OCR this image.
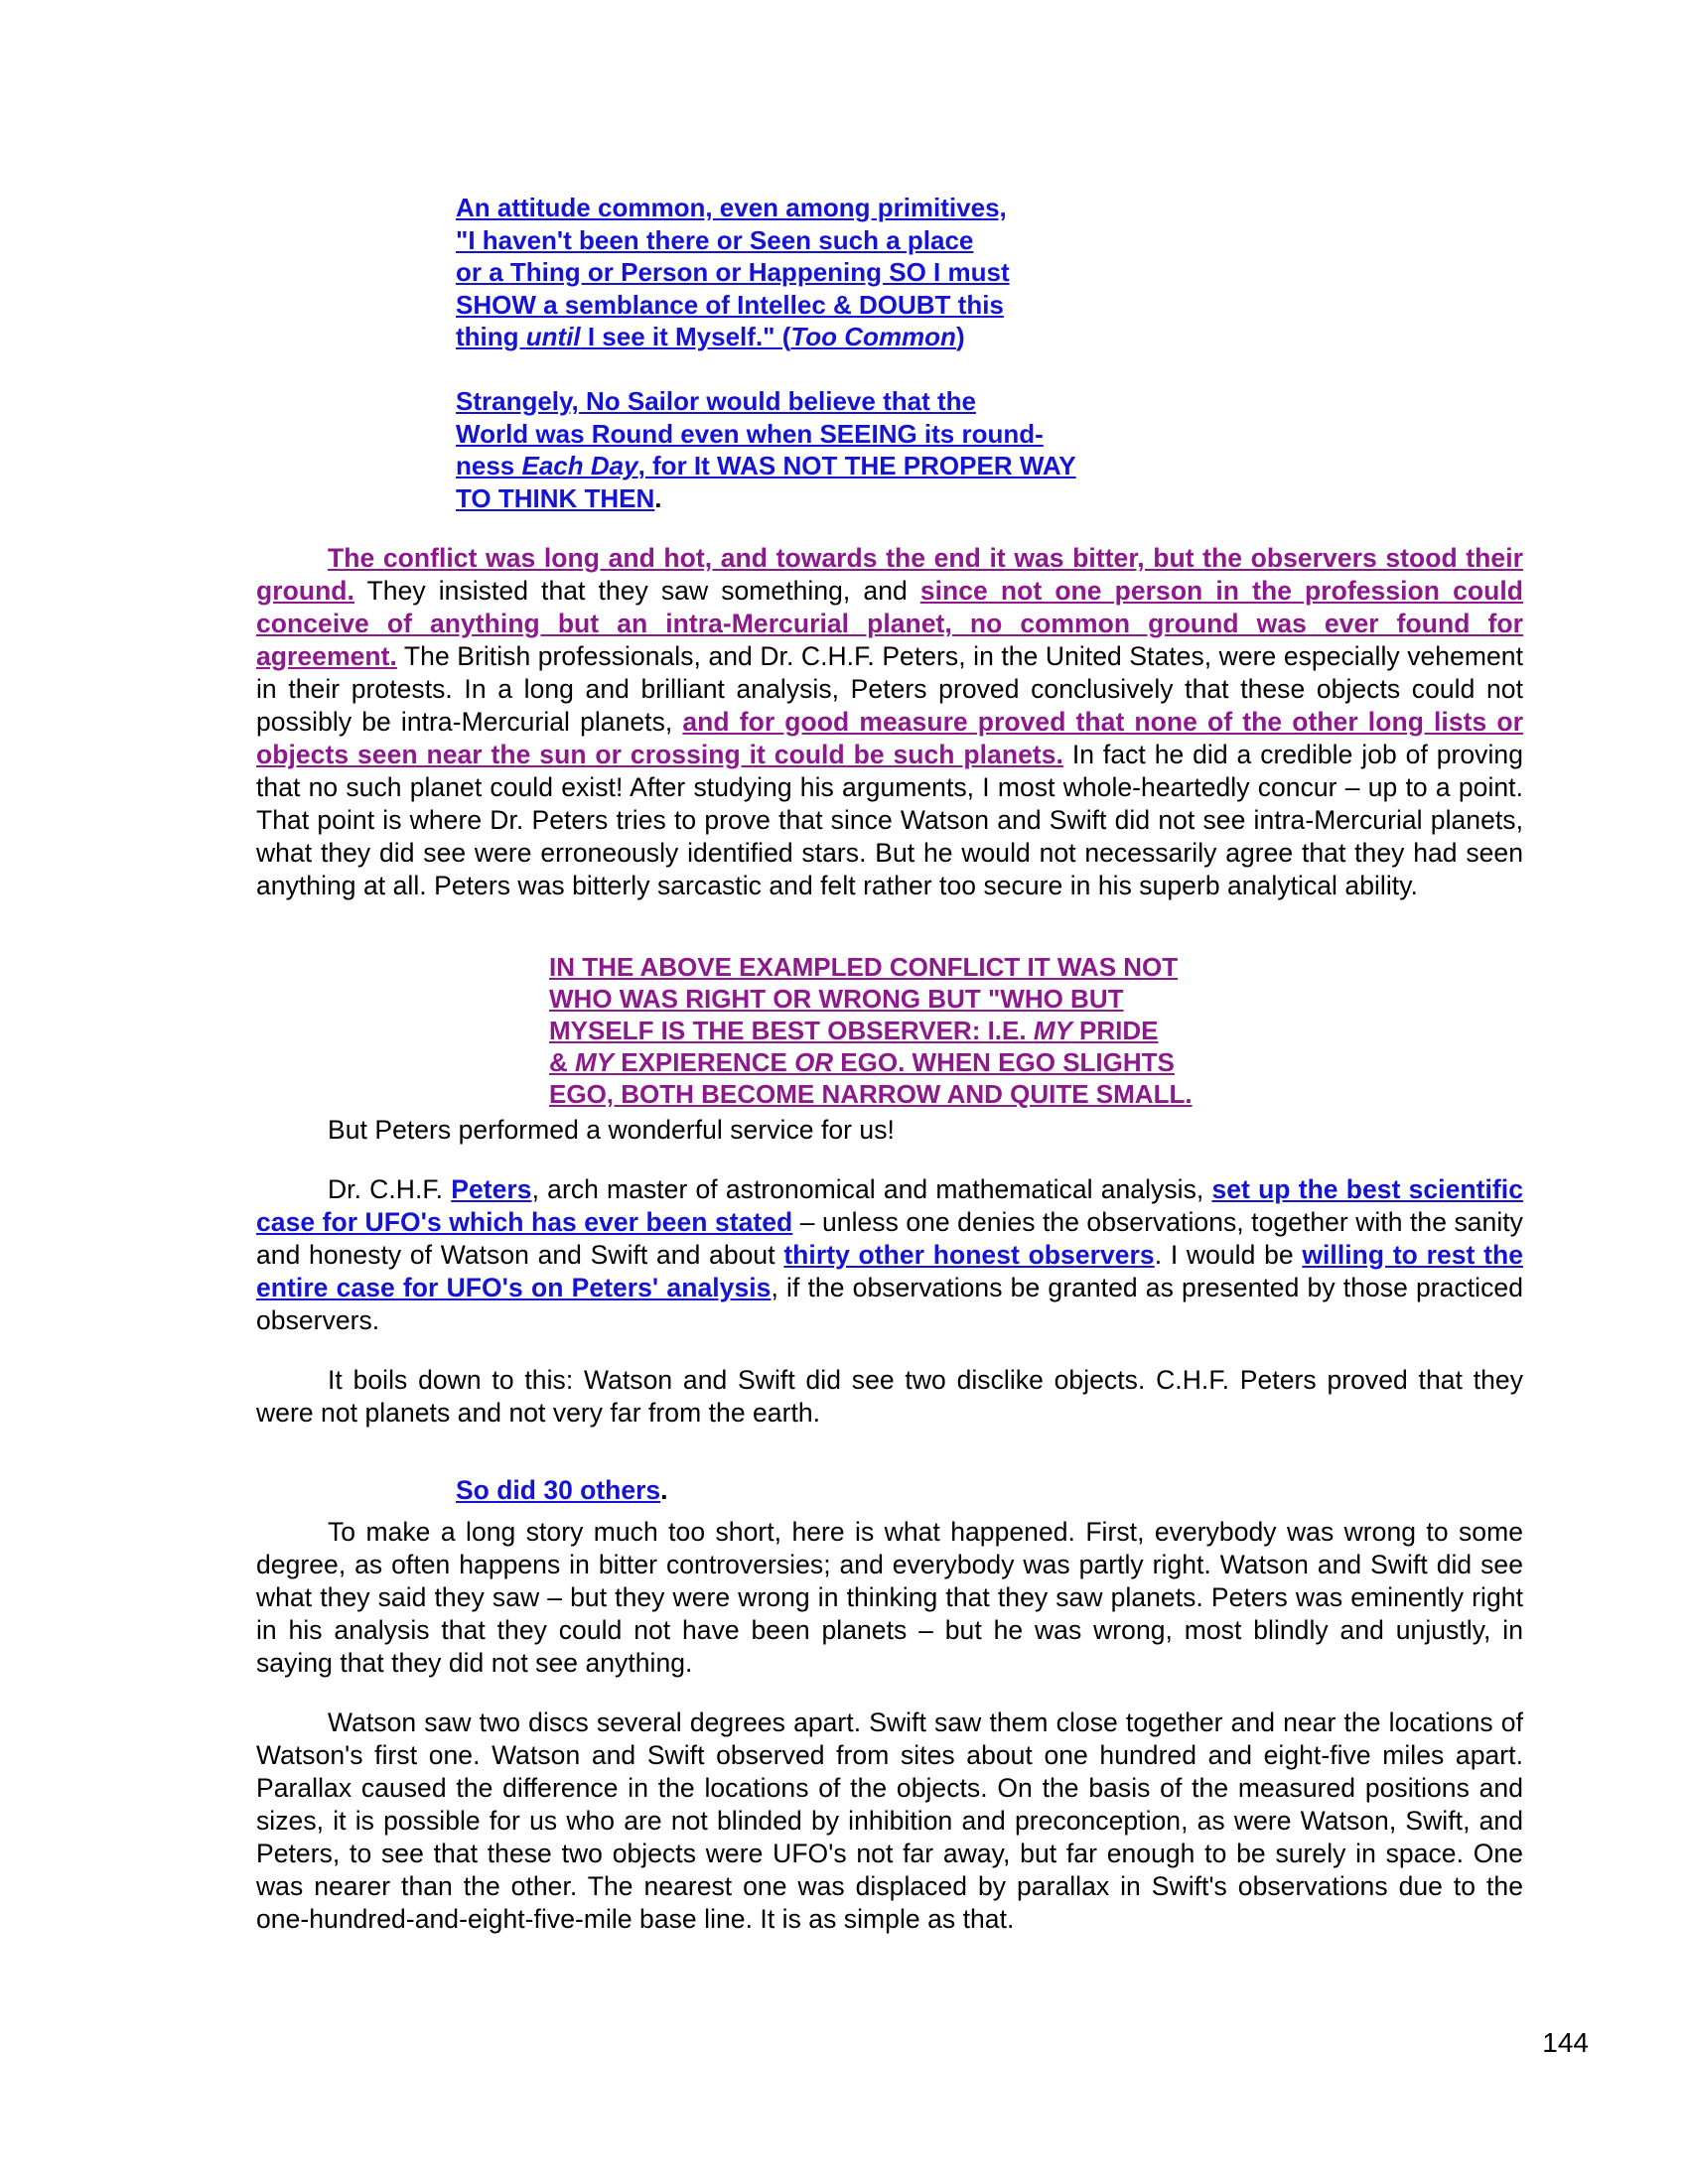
An attitude common, even among primitives,
"I haven't been there or Seen such a place
or a Thing or Person or Happening SO I must
SHOW a semblance of Intellec & DOUBT this
thing until I see it Myself." (Too Common)
Strangely, No Sailor would believe that the
World was Round even when SEEING its round-
ness Each Day, for It WAS NOT THE PROPER WAY
TO THINK THEN.

The conflict was long and hot, and towards the end it was bitter, but the observers stood their ground. They insisted that they saw something, and since not one person in the profession could conceive of anything but an intra-Mercurial planet, no common ground was ever found for agreement. The British professionals, and Dr. C.H.F. Peters, in the United States, were especially vehement in their protests. In a long and brilliant analysis, Peters proved conclusively that these objects could not possibly be intra-Mercurial planets, and for good measure proved that none of the other long lists or objects seen near the sun or crossing it could be such planets. In fact he did a credible job of proving that no such planet could exist! After studying his arguments, I most whole-heartedly concur – up to a point. That point is where Dr. Peters tries to prove that since Watson and Swift did not see intra-Mercurial planets, what they did see were erroneously identified stars. But he would not necessarily agree that they had seen anything at all. Peters was bitterly sarcastic and felt rather too secure in his superb analytical ability.

But Peters performed a wonderful service for us!

Dr. C.H.F. Peters, arch master of astronomical and mathematical analysis, set up the best scientific case for UFO's which has ever been stated – unless one denies the observations, together with the sanity and honesty of Watson and Swift and about thirty other honest observers. I would be willing to rest the entire case for UFO's on Peters' analysis, if the observations be granted as presented by those practiced observers.

It boils down to this: Watson and Swift did see two disclike objects. C.H.F. Peters proved that they were not planets and not very far from the earth.

To make a long story much too short, here is what happened. First, everybody was wrong to some degree, as often happens in bitter controversies; and everybody was partly right. Watson and Swift did see what they said they saw – but they were wrong in thinking that they saw planets. Peters was eminently right in his analysis that they could not have been planets – but he was wrong, most blindly and unjustly, in saying that they did not see anything.

Watson saw two discs several degrees apart. Swift saw them close together and near the locations of Watson's first one. Watson and Swift observed from sites about one hundred and eight-five miles apart. Parallax caused the difference in the locations of the objects. On the basis of the measured positions and sizes, it is possible for us who are not blinded by inhibition and preconception, as were Watson, Swift, and Peters, to see that these two objects were UFO's not far away, but far enough to be surely in space. One was nearer than the other. The nearest one was displaced by parallax in Swift's observations due to the one-hundred-and-eight-five-mile base line. It is as simple as that.

IN THE ABOVE EXAMPLED CONFLICT IT WAS NOT
WHO WAS RIGHT OR WRONG BUT "WHO BUT
MYSELF IS THE BEST OBSERVER: I.E. MY PRIDE
& MY EXPIERENCE OR EGO. WHEN EGO SLIGHTS
EGO, BOTH BECOME NARROW AND QUITE SMALL.
So did 30 others.
144
